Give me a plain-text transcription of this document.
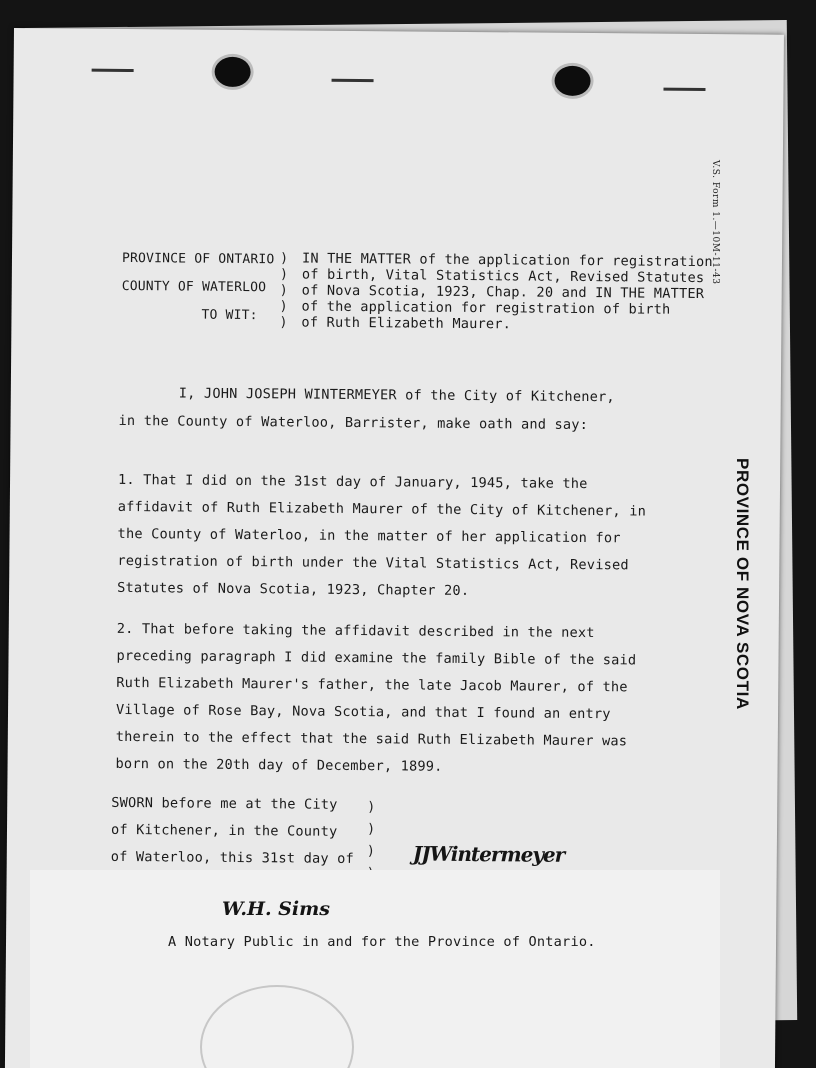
PROVINCE OF ONTARIO
COUNTY OF WATERLOO
TO WIT:
)
)
)
)
)
IN THE MATTER of the application for registration
of birth, Vital Statistics Act, Revised Statutes
of Nova Scotia, 1923, Chap. 20 and IN THE MATTER
of the application for registration of birth
of Ruth Elizabeth Maurer.
I, JOHN JOSEPH WINTERMEYER of the City of Kitchener,
in the County of Waterloo, Barrister, make oath and say:
1. That I did on the 31st day of January, 1945, take the
affidavit of Ruth Elizabeth Maurer of the City of Kitchener, in
the County of Waterloo, in the matter of her application for
registration of birth under the Vital Statistics Act, Revised
Statutes of Nova Scotia, 1923, Chapter 20.
2. That before taking the affidavit described in the next
preceding paragraph I did examine the family Bible of the said
Ruth Elizabeth Maurer's father, the late Jacob Maurer, of the
Village of Rose Bay, Nova Scotia, and that I found an entry
therein to the effect that the said Ruth Elizabeth Maurer was
born on the 20th day of December, 1899.
SWORN before me at the City
of Kitchener, in the County
of Waterloo, this 31st day of
)
)
) JJWintermeyer
W.H. Sims
A Notary Public in and for the Province of Ontario.
V.S. Form 1.—10M-11-43
PROVINCE OF NOVA SCOTIA
